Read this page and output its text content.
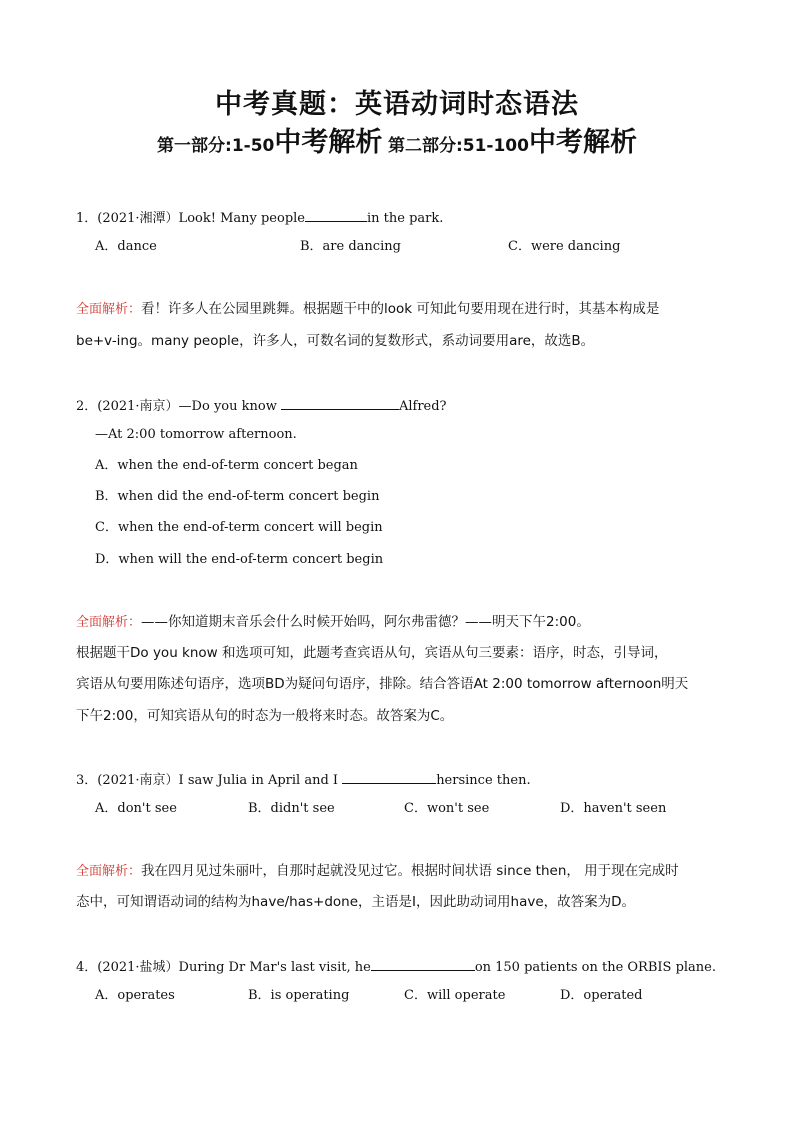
中考真题：英语动词时态语法
第一部分:1-50中考解析 第二部分:51-100中考解析
1．(2021·湘潭）Look! Many people	in the park.
A．dance	B．are dancing	C．were dancing
全面解析：看！许多人在公园里跳舞。根据题干中的look 可知此句要用现在进行时，其基本构成是
be+v-ing。many people，许多人，可数名词的复数形式，系动词要用are，故选B。
2．(2021·南京）—Do you know	Alfred?
—At 2:00 tomorrow afternoon.
A．when the end-of-term concert began
B．when did the end-of-term concert begin
C．when the end-of-term concert will begin
D．when will the end-of-term concert begin
全面解析：——你知道期末音乐会什么时候开始吗，阿尔弗雷德？——明天下午2:00。
根据题干Do you know 和选项可知，此题考查宾语从句，宾语从句三要素：语序，时态，引导词，
宾语从句要用陈述句语序，选项BD为疑问句语序，排除。结合答语At 2:00 tomorrow afternoon明天
下午2:00，可知宾语从句的时态为一般将来时态。故答案为C。
3．(2021·南京）I saw Julia in April and I	hersince then.
A．don't see	B．didn't see	C．won't see	D．haven't seen
全面解析：我在四月见过朱丽叶，自那时起就没见过它。根据时间状语 since then， 用于现在完成时
态中，可知谓语动词的结构为have/has+done，主语是I，因此助动词用have，故答案为D。
4．(2021·盐城）During Dr Mar's last visit, he	on 150 patients on the ORBIS plane.
A．operates	B．is operating	C．will operate	D．operated
